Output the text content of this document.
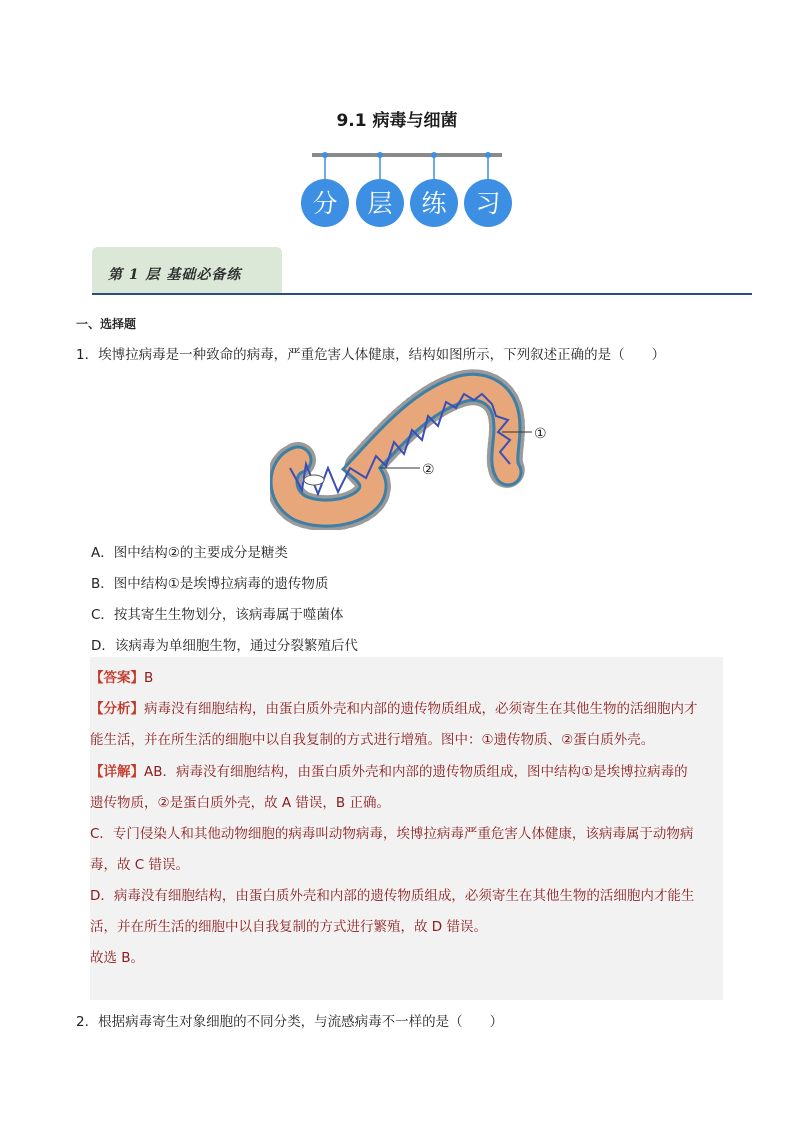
9.1 病毒与细菌
分 层 练 习
第 1 层 基础必备练
一、选择题
1．埃博拉病毒是一种致命的病毒，严重危害人体健康，结构如图所示，下列叙述正确的是（　　）
①
②
A．图中结构②的主要成分是糖类
B．图中结构①是埃博拉病毒的遗传物质
C．按其寄生生物划分，该病毒属于噬菌体
D．该病毒为单细胞生物，通过分裂繁殖后代
【答案】B
【分析】病毒没有细胞结构，由蛋白质外壳和内部的遗传物质组成，必须寄生在其他生物的活细胞内才
能生活，并在所生活的细胞中以自我复制的方式进行增殖。图中：①遗传物质、②蛋白质外壳。
【详解】AB．病毒没有细胞结构，由蛋白质外壳和内部的遗传物质组成，图中结构①是埃博拉病毒的
遗传物质，②是蛋白质外壳，故 A 错误，B 正确。
C．专门侵染人和其他动物细胞的病毒叫动物病毒，埃博拉病毒严重危害人体健康，该病毒属于动物病
毒，故 C 错误。
D．病毒没有细胞结构，由蛋白质外壳和内部的遗传物质组成，必须寄生在其他生物的活细胞内才能生
活，并在所生活的细胞中以自我复制的方式进行繁殖，故 D 错误。
故选 B。
2．根据病毒寄生对象细胞的不同分类，与流感病毒不一样的是（　　）
